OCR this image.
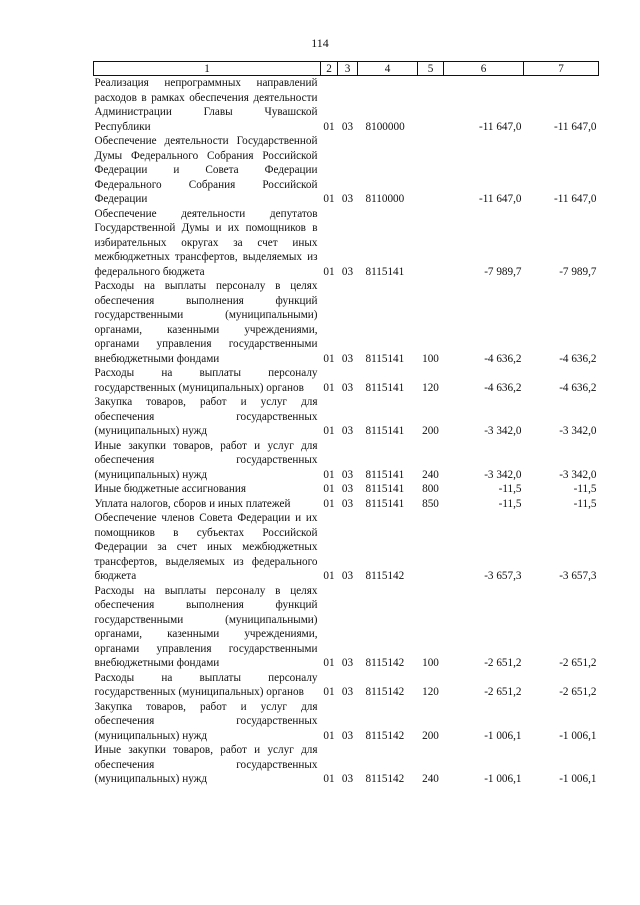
114
1	2	3	4	5	6	7
Реализация непрограммных направлений расходов в рамках обеспечения деятельности Администрации Главы Чувашской Республики	01	03	8100000		-11 647,0	-11 647,0
Обеспечение деятельности Государственной Думы Федерального Собрания Российской Федерации и Совета Федерации Федерального Собрания Российской Федерации	01	03	8110000		-11 647,0	-11 647,0
Обеспечение деятельности депутатов Государственной Думы и их помощников в избирательных округах за счет иных межбюджетных трансфертов, выделяемых из федерального бюджета	01	03	8115141		-7 989,7	-7 989,7
Расходы на выплаты персоналу в целях обеспечения выполнения функций государственными (муниципальными) органами, казенными учреждениями, органами управления государственными внебюджетными фондами	01	03	8115141	100	-4 636,2	-4 636,2
Расходы на выплаты персоналу государственных (муниципальных) органов	01	03	8115141	120	-4 636,2	-4 636,2
Закупка товаров, работ и услуг для обеспечения государственных (муниципальных) нужд	01	03	8115141	200	-3 342,0	-3 342,0
Иные закупки товаров, работ и услуг для обеспечения государственных (муниципальных) нужд	01	03	8115141	240	-3 342,0	-3 342,0
Иные бюджетные ассигнования	01	03	8115141	800	-11,5	-11,5
Уплата налогов, сборов и иных платежей	01	03	8115141	850	-11,5	-11,5
Обеспечение членов Совета Федерации и их помощников в субъектах Российской Федерации за счет иных межбюджетных трансфертов, выделяемых из федерального бюджета	01	03	8115142		-3 657,3	-3 657,3
Расходы на выплаты персоналу в целях обеспечения выполнения функций государственными (муниципальными) органами, казенными учреждениями, органами управления государственными внебюджетными фондами	01	03	8115142	100	-2 651,2	-2 651,2
Расходы на выплаты персоналу государственных (муниципальных) органов	01	03	8115142	120	-2 651,2	-2 651,2
Закупка товаров, работ и услуг для обеспечения государственных (муниципальных) нужд	01	03	8115142	200	-1 006,1	-1 006,1
Иные закупки товаров, работ и услуг для обеспечения государственных (муниципальных) нужд	01	03	8115142	240	-1 006,1	-1 006,1
